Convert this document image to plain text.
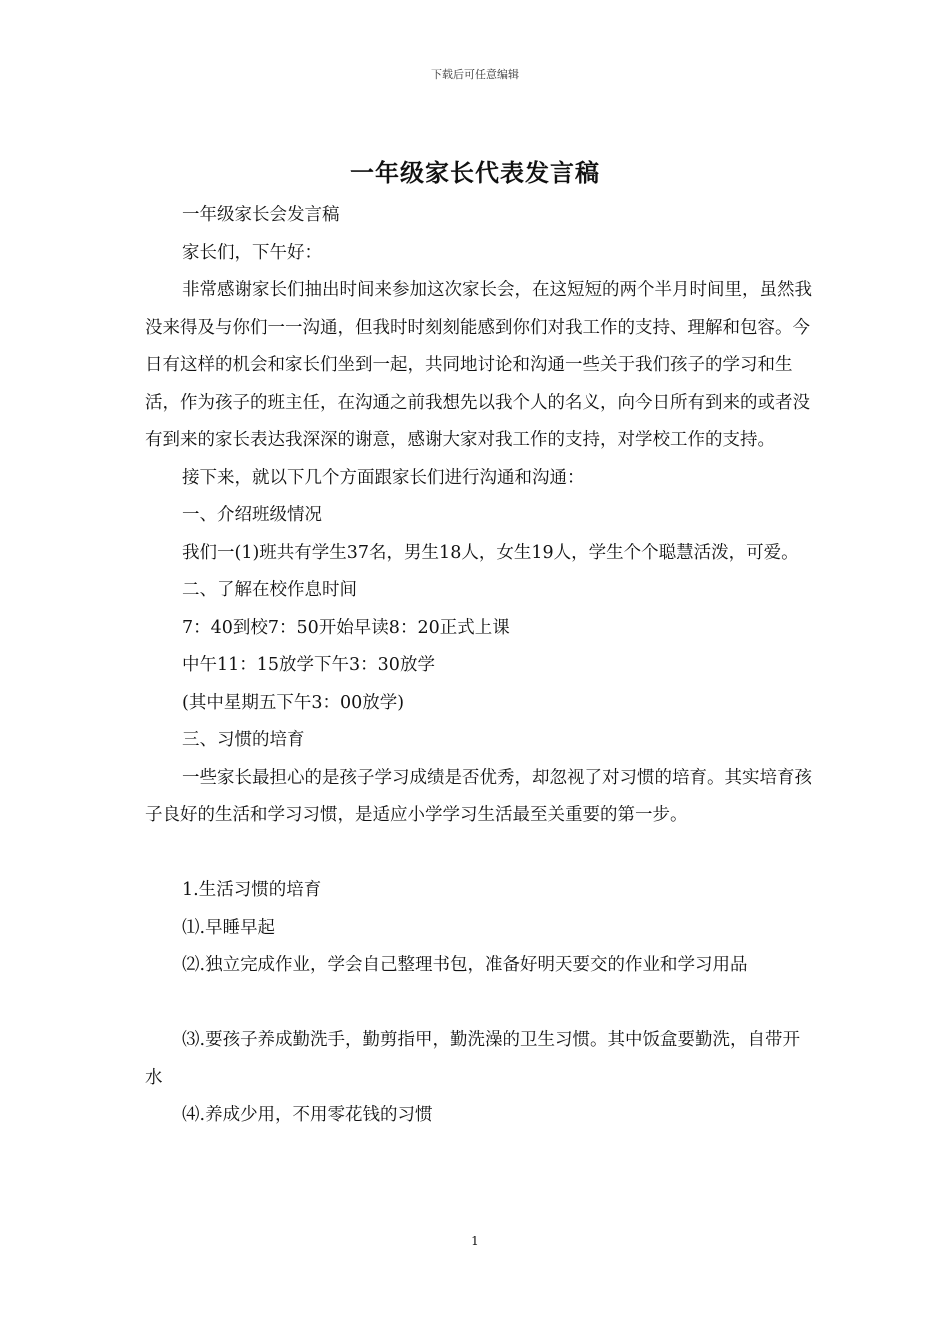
下载后可任意编辑
一年级家长代表发言稿

一年级家长会发言稿

家长们，下午好：

非常感谢家长们抽出时间来参加这次家长会，在这短短的两个半月时间里，虽然我没来得及与你们一一沟通，但我时时刻刻能感到你们对我工作的支持、理解和包容。今日有这样的机会和家长们坐到一起，共同地讨论和沟通一些关于我们孩子的学习和生活，作为孩子的班主任，在沟通之前我想先以我个人的名义，向今日所有到来的或者没有到来的家长表达我深深的谢意，感谢大家对我工作的支持，对学校工作的支持。

接下来，就以下几个方面跟家长们进行沟通和沟通：

一、介绍班级情况

我们一(1)班共有学生37名，男生18人，女生19人，学生个个聪慧活泼，可爱。

二、了解在校作息时间

7：40到校7：50开始早读8：20正式上课

中午11：15放学下午3：30放学

(其中星期五下午3：00放学)

三、习惯的培育

一些家长最担心的是孩子学习成绩是否优秀，却忽视了对习惯的培育。其实培育孩子良好的生活和学习习惯，是适应小学学习生活最至关重要的第一步。

1.生活习惯的培育

⑴.早睡早起

⑵.独立完成作业，学会自己整理书包，准备好明天要交的作业和学习用品

⑶.要孩子养成勤洗手，勤剪指甲，勤洗澡的卫生习惯。其中饭盒要勤洗，自带开水

⑷.养成少用，不用零花钱的习惯

1
